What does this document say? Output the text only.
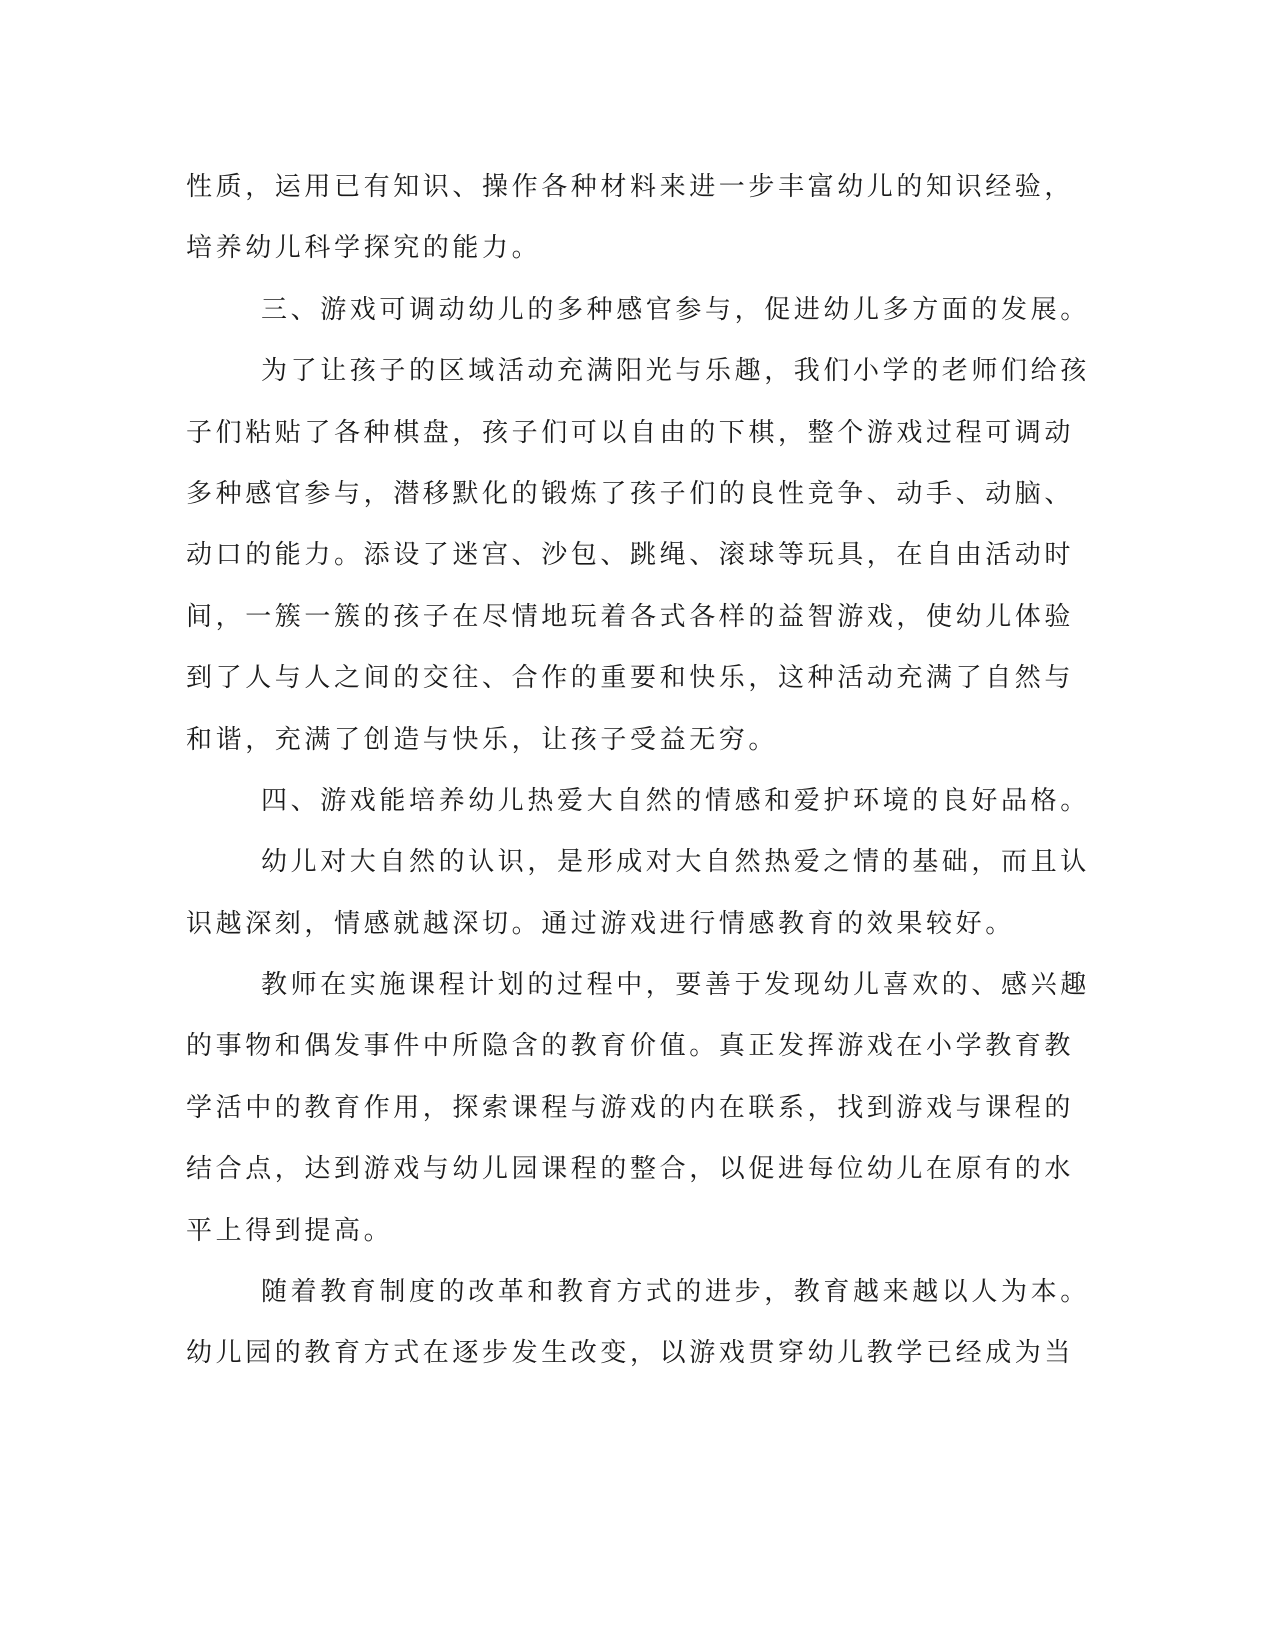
性质，运用已有知识、操作各种材料来进一步丰富幼儿的知识经验，
培养幼儿科学探究的能力。
三、游戏可调动幼儿的多种感官参与，促进幼儿多方面的发展。
为了让孩子的区域活动充满阳光与乐趣，我们小学的老师们给孩
子们粘贴了各种棋盘，孩子们可以自由的下棋，整个游戏过程可调动
多种感官参与，潜移默化的锻炼了孩子们的良性竞争、动手、动脑、
动口的能力。添设了迷宫、沙包、跳绳、滚球等玩具，在自由活动时
间，一簇一簇的孩子在尽情地玩着各式各样的益智游戏，使幼儿体验
到了人与人之间的交往、合作的重要和快乐，这种活动充满了自然与
和谐，充满了创造与快乐，让孩子受益无穷。
四、游戏能培养幼儿热爱大自然的情感和爱护环境的良好品格。
幼儿对大自然的认识，是形成对大自然热爱之情的基础，而且认
识越深刻，情感就越深切。通过游戏进行情感教育的效果较好。
教师在实施课程计划的过程中，要善于发现幼儿喜欢的、感兴趣
的事物和偶发事件中所隐含的教育价值。真正发挥游戏在小学教育教
学活中的教育作用，探索课程与游戏的内在联系，找到游戏与课程的
结合点，达到游戏与幼儿园课程的整合，以促进每位幼儿在原有的水
平上得到提高。
随着教育制度的改革和教育方式的进步，教育越来越以人为本。
幼儿园的教育方式在逐步发生改变，以游戏贯穿幼儿教学已经成为当
